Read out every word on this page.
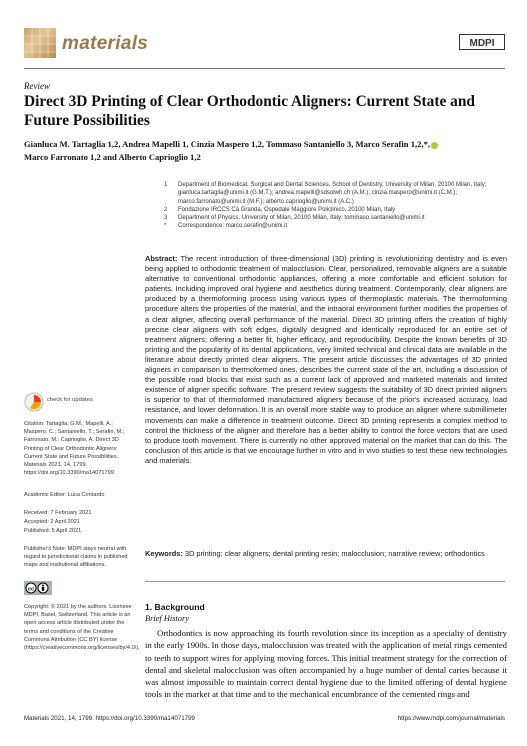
materials	MDPI
Review
Direct 3D Printing of Clear Orthodontic Aligners: Current State and Future Possibilities
Gianluca M. Tartaglia 1,2, Andrea Mapelli 1, Cinzia Maspero 1,2, Tommaso Santaniello 3, Marco Serafin 1,2,*,
Marco Farronato 1,2 and Alberto Caprioglio 1,2
1	Department of Biomedical, Surgical and Dental Sciences, School of Dentistry, University of Milan, 20100 Milan, Italy; gianluca.tartaglia@unimi.it (G.M.T.); andrea.mapelli@sdsolwh.ch (A.M.); cinzia.maspero@unimi.it (C.M.); marco.farronato@unimi.it (M.F.); alberto.caprioglio@unimi.it (A.C.)
2	Fondazione IRCCS Cà Granda, Ospedale Maggiore Policlinico, 20100 Milan, Italy
3	Department of Physics, University of Milan, 20100 Milan, Italy; tommaso.santaniello@unimi.it
*	Correspondence: marco.serafin@unimi.it
Abstract: The recent introduction of three-dimensional (3D) printing is revolutionizing dentistry and is even being applied to orthodontic treatment of malocclusion. Clear, personalized, removable aligners are a suitable alternative to conventional orthodontic appliances, offering a more comfortable and efficient solution for patients. Including improved oral hygiene and aesthetics during treatment. Contemporarily, clear aligners are produced by a thermoforming process using various types of thermoplastic materials. The thermoforming procedure alters the properties of the material, and the intraoral environment further modifies the properties of a clear aligner, affecting overall performance of the material. Direct 3D printing offers the creation of highly precise clear aligners with soft edges, digitally designed and identically reproduced for an entire set of treatment aligners; offering a better fit, higher efficacy, and reproducibility. Despite the known benefits of 3D printing and the popularity of its dental applications, very limited technical and clinical data are available in the literature about directly printed clear aligners. The present article discusses the advantages of 3D printed aligners in comparison to thermoformed ones, describes the current state of the art, including a discussion of the possible road blocks that exist such as a current lack of approved and marketed materials and limited existence of aligner specific software. The present review suggests the suitability of 3D direct printed aligners is superior to that of thermoformed manufactured aligners because of the prior's increased accuracy, load resistance, and lower deformation. It is an overall more stable way to produce an aligner where submillimeter movements can make a difference in treatment outcome. Direct 3D printing represents a complex method to control the thickness of the aligner and therefore has a better ability to control the force vectors that are used to produce tooth movement. There is currently no other approved material on the market that can do this. The conclusion of this article is that we encourage further in vitro and in vivo studies to test these new technologies and materials.
Keywords: 3D printing; clear aligners; dental printing resin; malocclusion; narrative review; orthodontics
check for updates
Citation: Tartaglia, G.M.; Mapelli, A.; Maspero, C.; Santaniello, T.; Serafin, M.; Farronato, M.; Caprioglio, A. Direct 3D Printing of Clear Orthodontic Aligners: Current State and Future Possibilities. Materials 2021, 14, 1799. https://doi.org/10.3390/ma14071799
Academic Editor: Luca Contardo
Received: 7 February 2021
Accepted: 2 April 2021
Published: 5 April 2021
Publisher's Note: MDPI stays neutral with regard to jurisdictional claims in published maps and institutional affiliations.
cc
Copyright: © 2021 by the authors. Licensee MDPI, Basel, Switzerland. This article is an open access article distributed under the terms and conditions of the Creative Commons Attribution (CC BY) license (https://creativecommons.org/licenses/by/4.0/).
1. Background
Brief History
Orthodontics is now approaching its fourth revolution since its inception as a specialty of dentistry in the early 1900s. In those days, malocclusion was treated with the application of metal rings cemented to teeth to support wires for applying moving forces. This initial treatment strategy for the correction of dental and skeletal malocclusion was often accompanied by a huge number of dental caries because it was almost impossible to maintain correct dental hygiene due to the limited offering of dental hygiene tools in the market at that time and to the mechanical encumbrance of the cemented rings and
Materials 2021, 14, 1799. https://doi.org/10.3390/ma14071799	https://www.mdpi.com/journal/materials
